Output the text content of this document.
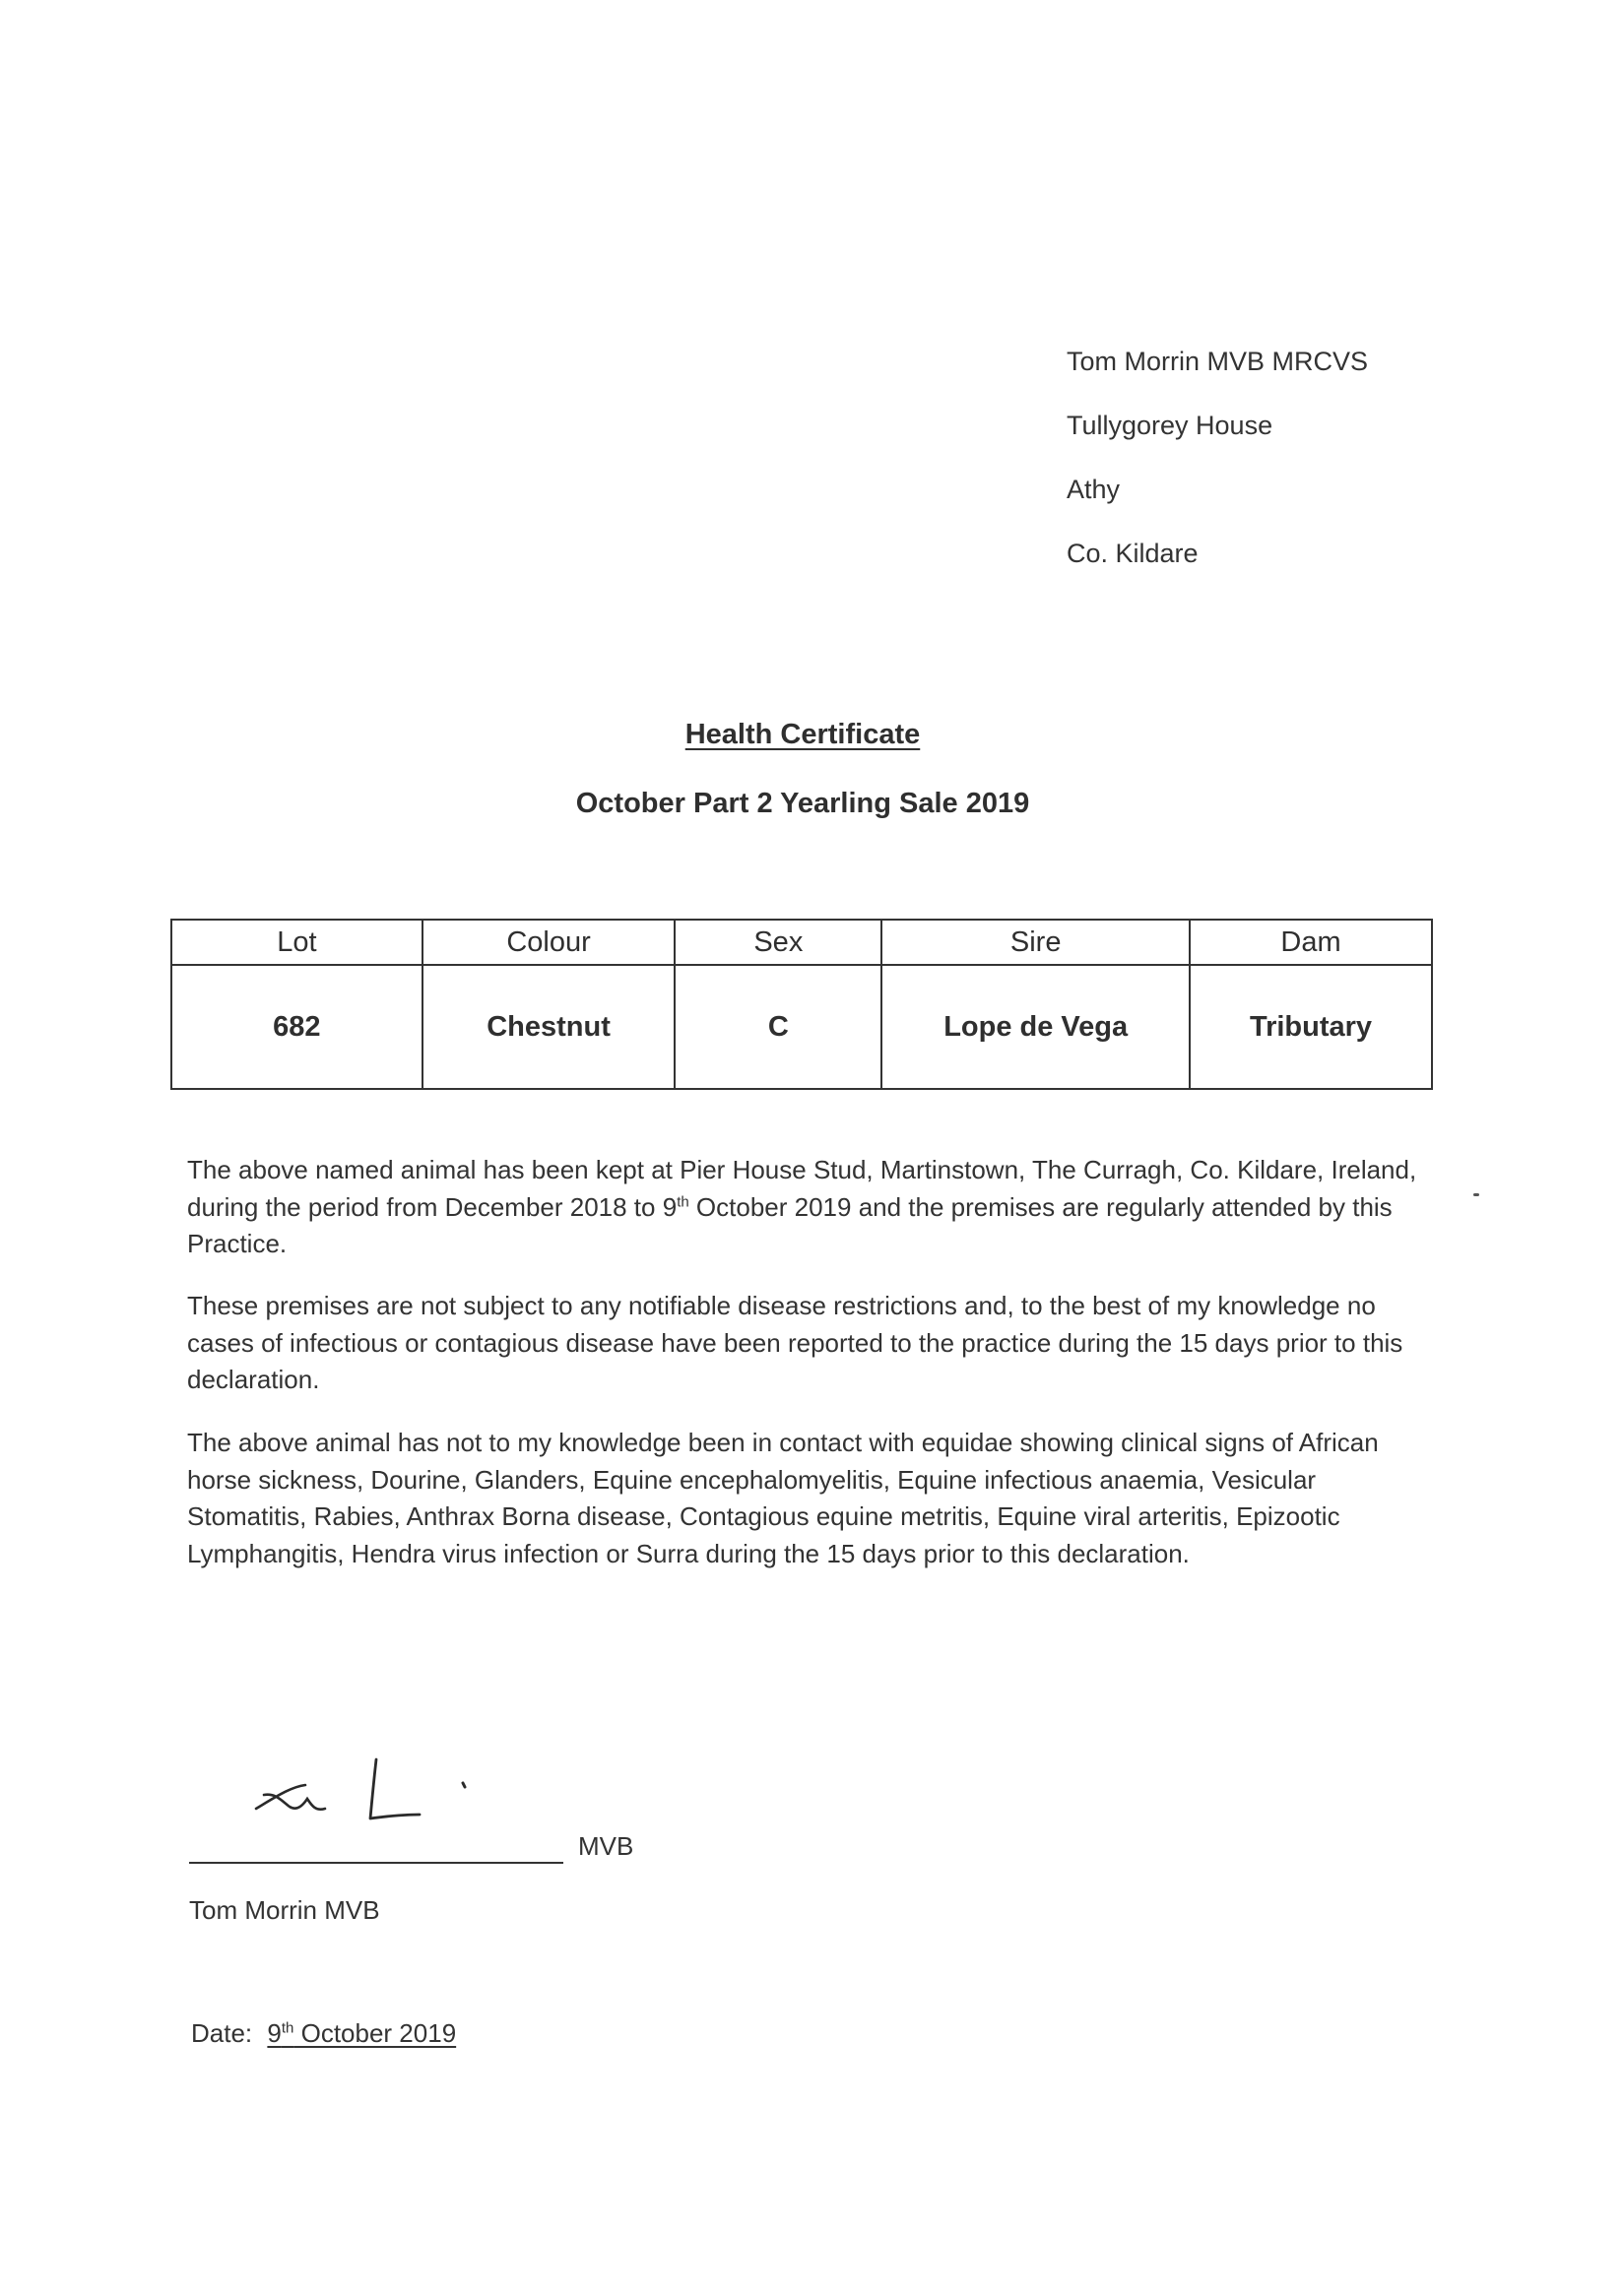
Tom Morrin MVB MRCVS
Tullygorey House
Athy
Co. Kildare
Health Certificate
October Part 2 Yearling Sale 2019
Lot	Colour	Sex	Sire	Dam
682	Chestnut	C	Lope de Vega	Tributary
The above named animal has been kept at Pier House Stud, Martinstown, The Curragh, Co. Kildare, Ireland, during the period from December 2018 to 9th October 2019 and the premises are regularly attended by this Practice.
These premises are not subject to any notifiable disease restrictions and, to the best of my knowledge no cases of infectious or contagious disease have been reported to the practice during the 15 days prior to this declaration.
The above animal has not to my knowledge been in contact with equidae showing clinical signs of African horse sickness, Dourine, Glanders, Equine encephalomyelitis, Equine infectious anaemia, Vesicular Stomatitis, Rabies, Anthrax Borna disease, Contagious equine metritis, Equine viral arteritis, Epizootic Lymphangitis, Hendra virus infection or Surra during the 15 days prior to this declaration.
MVB
Tom Morrin MVB
Date: 9th October 2019
